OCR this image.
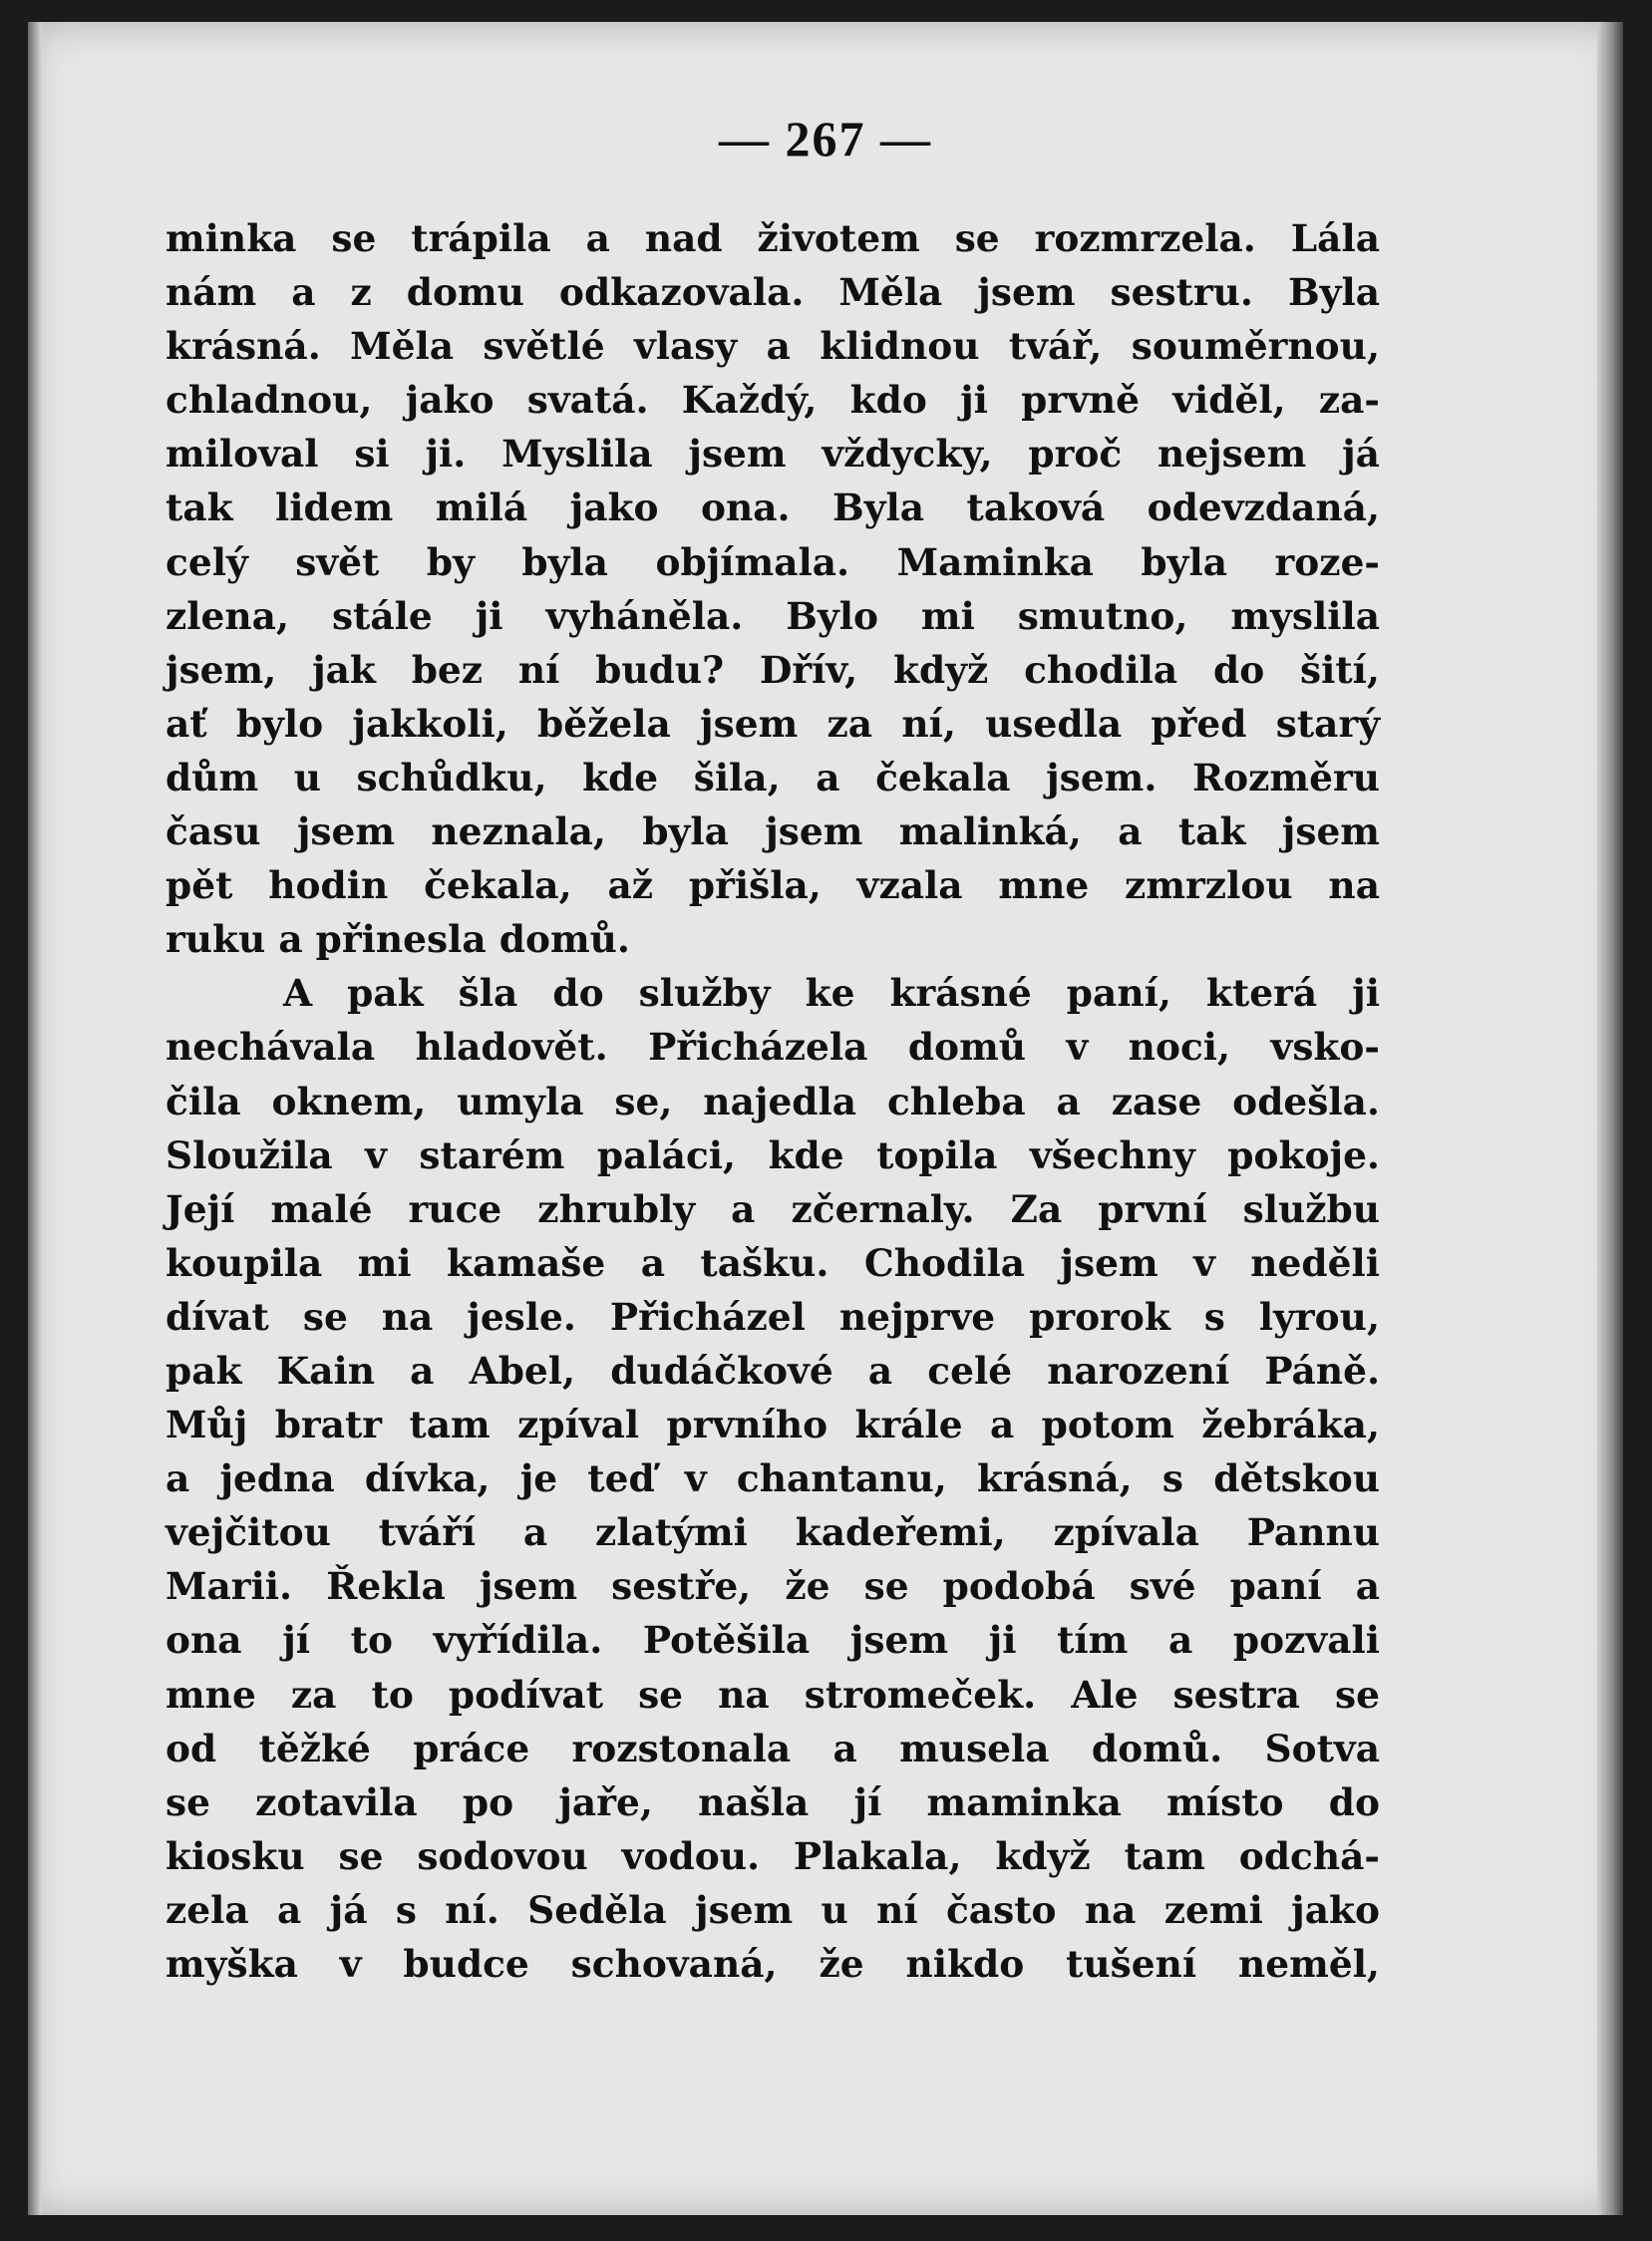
— 267 —
minka se trápila a nad životem se rozmrzela. Lála
nám a z domu odkazovala. Měla jsem sestru. Byla
krásná. Měla světlé vlasy a klidnou tvář, souměrnou,
chladnou, jako svatá. Každý, kdo ji prvně viděl, za-
miloval si ji. Myslila jsem vždycky, proč nejsem já
tak lidem milá jako ona. Byla taková odevzdaná,
celý svět by byla objímala. Maminka byla roze-
zlena, stále ji vyháněla. Bylo mi smutno, myslila
jsem, jak bez ní budu? Dřív, když chodila do šití,
ať bylo jakkoli, běžela jsem za ní, usedla před starý
dům u schůdku, kde šila, a čekala jsem. Rozměru
času jsem neznala, byla jsem malinká, a tak jsem
pět hodin čekala, až přišla, vzala mne zmrzlou na
ruku a přinesla domů.
A pak šla do služby ke krásné paní, která ji
nechávala hladovět. Přicházela domů v noci, vsko-
čila oknem, umyla se, najedla chleba a zase odešla.
Sloužila v starém paláci, kde topila všechny pokoje.
Její malé ruce zhrubly a zčernaly. Za první službu
koupila mi kamaše a tašku. Chodila jsem v neděli
dívat se na jesle. Přicházel nejprve prorok s lyrou,
pak Kain a Abel, dudáčkové a celé narození Páně.
Můj bratr tam zpíval prvního krále a potom žebráka,
a jedna dívka, je teď v chantanu, krásná, s dětskou
vejčitou tváří a zlatými kadeřemi, zpívala Pannu
Marii. Řekla jsem sestře, že se podobá své paní a
ona jí to vyřídila. Potěšila jsem ji tím a pozvali
mne za to podívat se na stromeček. Ale sestra se
od těžké práce rozstonala a musela domů. Sotva
se zotavila po jaře, našla jí maminka místo do
kiosku se sodovou vodou. Plakala, když tam odchá-
zela a já s ní. Seděla jsem u ní často na zemi jako
myška v budce schovaná, že nikdo tušení neměl,
